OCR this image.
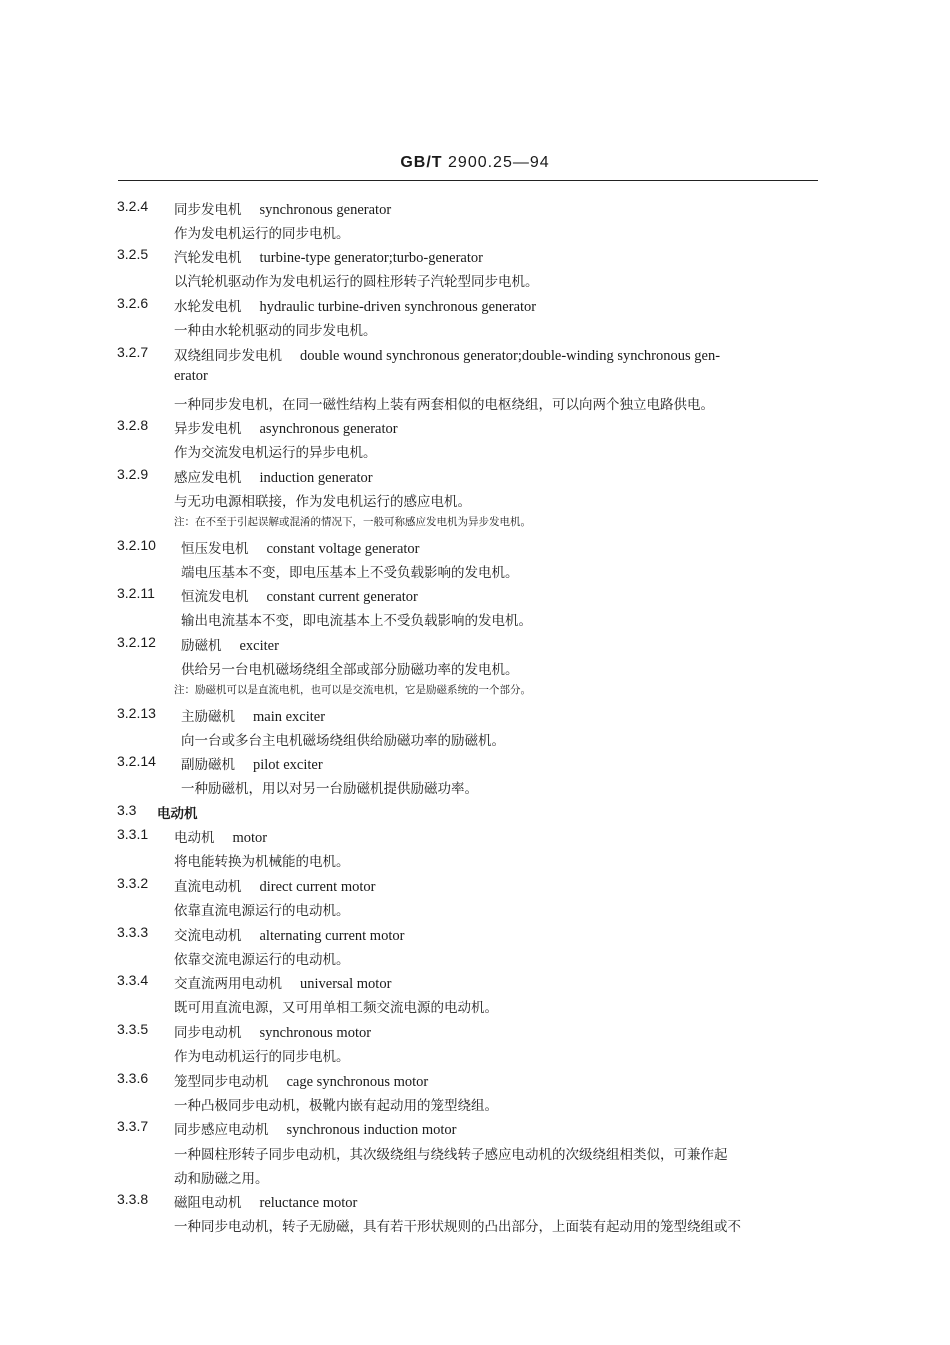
GB/T 2900.25—94
3.2.4 同步发电机 synchronous generator
作为发电机运行的同步电机。
3.2.5 汽轮发电机 turbine-type generator;turbo-generator
以汽轮机驱动作为发电机运行的圆柱形转子汽轮型同步电机。
3.2.6 水轮发电机 hydraulic turbine-driven synchronous generator
一种由水轮机驱动的同步发电机。
3.2.7 双绕组同步发电机 double wound synchronous generator;double-winding synchronous gen-
erator
一种同步发电机，在同一磁性结构上装有两套相似的电枢绕组，可以向两个独立电路供电。
3.2.8 异步发电机 asynchronous generator
作为交流发电机运行的异步电机。
3.2.9 感应发电机 induction generator
与无功电源相联接，作为发电机运行的感应电机。
注：在不至于引起误解或混淆的情况下，一般可称感应发电机为异步发电机。
3.2.10 恒压发电机 constant voltage generator
端电压基本不变，即电压基本上不受负载影响的发电机。
3.2.11 恒流发电机 constant current generator
输出电流基本不变，即电流基本上不受负载影响的发电机。
3.2.12 励磁机 exciter
供给另一台电机磁场绕组全部或部分励磁功率的发电机。
注：励磁机可以是直流电机，也可以是交流电机，它是励磁系统的一个部分。
3.2.13 主励磁机 main exciter
向一台或多台主电机磁场绕组供给励磁功率的励磁机。
3.2.14 副励磁机 pilot exciter
一种励磁机，用以对另一台励磁机提供励磁功率。
3.3 电动机
3.3.1 电动机 motor
将电能转换为机械能的电机。
3.3.2 直流电动机 direct current motor
依靠直流电源运行的电动机。
3.3.3 交流电动机 alternating current motor
依靠交流电源运行的电动机。
3.3.4 交直流两用电动机 universal motor
既可用直流电源，又可用单相工频交流电源的电动机。
3.3.5 同步电动机 synchronous motor
作为电动机运行的同步电机。
3.3.6 笼型同步电动机 cage synchronous motor
一种凸极同步电动机，极靴内嵌有起动用的笼型绕组。
3.3.7 同步感应电动机 synchronous induction motor
一种圆柱形转子同步电动机，其次级绕组与绕线转子感应电动机的次级绕组相类似，可兼作起
动和励磁之用。
3.3.8 磁阻电动机 reluctance motor
一种同步电动机，转子无励磁，具有若干形状规则的凸出部分，上面装有起动用的笼型绕组或不
